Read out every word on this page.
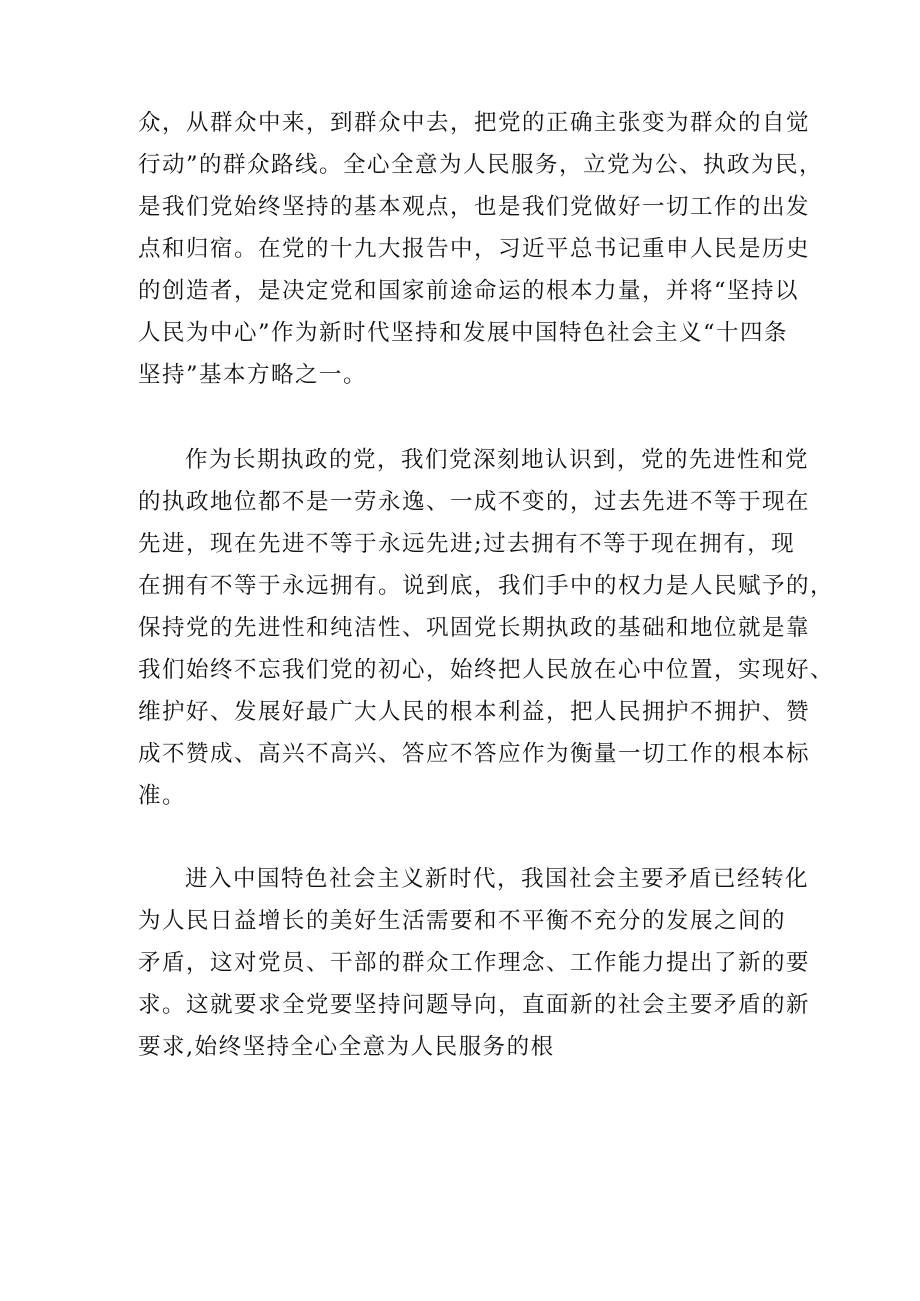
众，从群众中来，到群众中去，把党的正确主张变为群众的自觉
行动”的群众路线。全心全意为人民服务，立党为公、执政为民，
是我们党始终坚持的基本观点，也是我们党做好一切工作的出发
点和归宿。在党的十九大报告中，习近平总书记重申人民是历史
的创造者，是决定党和国家前途命运的根本力量，并将“坚持以
人民为中心”作为新时代坚持和发展中国特色社会主义“十四条
坚持”基本方略之一。
作为长期执政的党，我们党深刻地认识到，党的先进性和党
的执政地位都不是一劳永逸、一成不变的，过去先进不等于现在
先进，现在先进不等于永远先进;过去拥有不等于现在拥有，现
在拥有不等于永远拥有。说到底，我们手中的权力是人民赋予的，
保持党的先进性和纯洁性、巩固党长期执政的基础和地位就是靠
我们始终不忘我们党的初心，始终把人民放在心中位置，实现好、
维护好、发展好最广大人民的根本利益，把人民拥护不拥护、赞
成不赞成、高兴不高兴、答应不答应作为衡量一切工作的根本标
准。
进入中国特色社会主义新时代，我国社会主要矛盾已经转化
为人民日益增长的美好生活需要和不平衡不充分的发展之间的
矛盾，这对党员、干部的群众工作理念、工作能力提出了新的要
求。这就要求全党要坚持问题导向，直面新的社会主要矛盾的新
要求,始终坚持全心全意为人民服务的根
